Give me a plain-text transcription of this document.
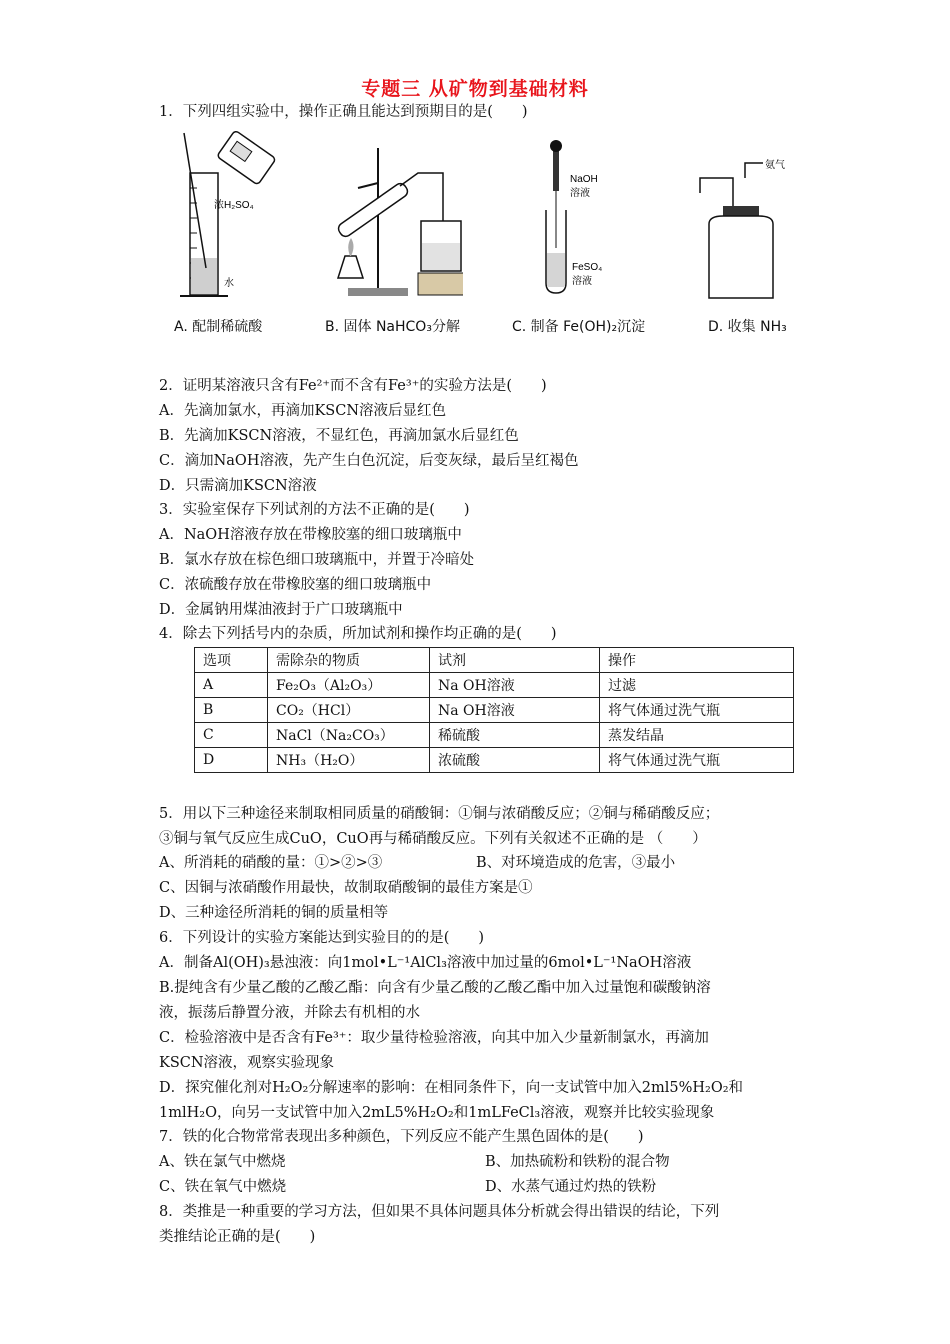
专题三 从矿物到基础材料
1．下列四组实验中，操作正确且能达到预期目的是(　　)
浓H₂SO₄
水
NaOH
溶液
FeSO₄
溶液
氨气
A. 配制稀硫酸	B. 固体 NaHCO₃分解	C. 制备 Fe(OH)₂沉淀	D. 收集 NH₃
2．证明某溶液只含有Fe²⁺而不含有Fe³⁺的实验方法是(　　)
A．先滴加氯水，再滴加KSCN溶液后显红色
B．先滴加KSCN溶液，不显红色，再滴加氯水后显红色
C．滴加NaOH溶液，先产生白色沉淀，后变灰绿，最后呈红褐色
D．只需滴加KSCN溶液
3．实验室保存下列试剂的方法不正确的是(　　)
A．NaOH溶液存放在带橡胶塞的细口玻璃瓶中
B．氯水存放在棕色细口玻璃瓶中，并置于冷暗处
C．浓硫酸存放在带橡胶塞的细口玻璃瓶中
D．金属钠用煤油液封于广口玻璃瓶中
4．除去下列括号内的杂质，所加试剂和操作均正确的是(　　)
选项	需除杂的物质	试剂	操作
A	Fe₂O₃（Al₂O₃）	Na OH溶液	过滤
B	CO₂（HCl）	Na OH溶液	将气体通过洗气瓶
C	NaCl（Na₂CO₃）	稀硫酸	蒸发结晶
D	NH₃（H₂O）	浓硫酸	将气体通过洗气瓶
5．用以下三种途径来制取相同质量的硝酸铜：①铜与浓硝酸反应；②铜与稀硝酸反应；
③铜与氧气反应生成CuO，CuO再与稀硝酸反应。下列有关叙述不正确的是 （　　）
A、所消耗的硝酸的量：①>②>③	B、对环境造成的危害，③最小
C、因铜与浓硝酸作用最快，故制取硝酸铜的最佳方案是①
D、三种途径所消耗的铜的质量相等
6．下列设计的实验方案能达到实验目的的是(　　)
A．制备Al(OH)₃悬浊液：向1mol•L⁻¹AlCl₃溶液中加过量的6mol•L⁻¹NaOH溶液
B.提纯含有少量乙酸的乙酸乙酯：向含有少量乙酸的乙酸乙酯中加入过量饱和碳酸钠溶
液，振荡后静置分液，并除去有机相的水
C．检验溶液中是否含有Fe³⁺：取少量待检验溶液，向其中加入少量新制氯水，再滴加
KSCN溶液，观察实验现象
D．探究催化剂对H₂O₂分解速率的影响：在相同条件下，向一支试管中加入2ml5%H₂O₂和
1mlH₂O，向另一支试管中加入2mL5%H₂O₂和1mLFeCl₃溶液，观察并比较实验现象
7．铁的化合物常常表现出多种颜色，下列反应不能产生黑色固体的是(　　)
A、铁在氯气中燃烧	B、加热硫粉和铁粉的混合物
C、铁在氧气中燃烧	D、水蒸气通过灼热的铁粉
8．类推是一种重要的学习方法，但如果不具体问题具体分析就会得出错误的结论，下列
类推结论正确的是(　　)
